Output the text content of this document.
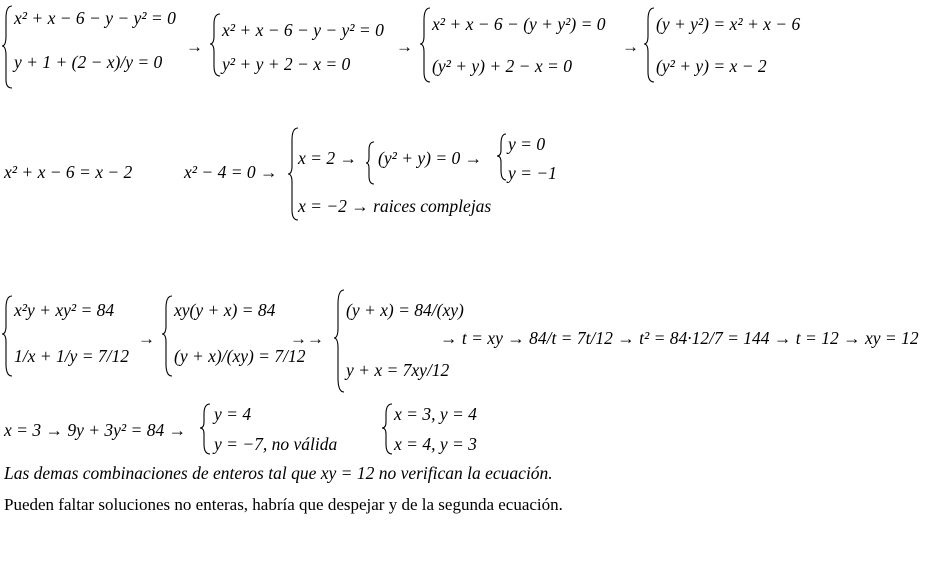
x² + x − 6 − y − y² = 0
y + 1 + (2 − x)/y = 0
→
x² + x − 6 − y − y² = 0
y² + y + 2 − x = 0
→
x² + x − 6 − (y + y²) = 0
(y² + y) + 2 − x = 0
→
(y + y²) = x² + x − 6
(y² + y) = x − 2
x² + x − 6 = x − 2	x² − 4 = 0 →
x = 2 → (y² + y) = 0 →
y = 0
y = −1
x = −2 → raices complejas
x²y + xy² = 84
1/x + 1/y = 7/12
→
xy(y + x) = 84
(y + x)/(xy) = 7/12
→→
(y + x) = 84/(xy)
y + x = 7xy/12
→ t = xy → 84/t = 7t/12 → t² = 84·12/7 = 144 → t = 12 → xy = 12
x = 3 → 9y + 3y² = 84 →
y = 4
y = −7, no válida
x = 3, y = 4
x = 4, y = 3
Las demas combinaciones de enteros tal que xy = 12 no verifican la ecuación.
Pueden faltar soluciones no enteras, habría que despejar y de la segunda ecuación.
